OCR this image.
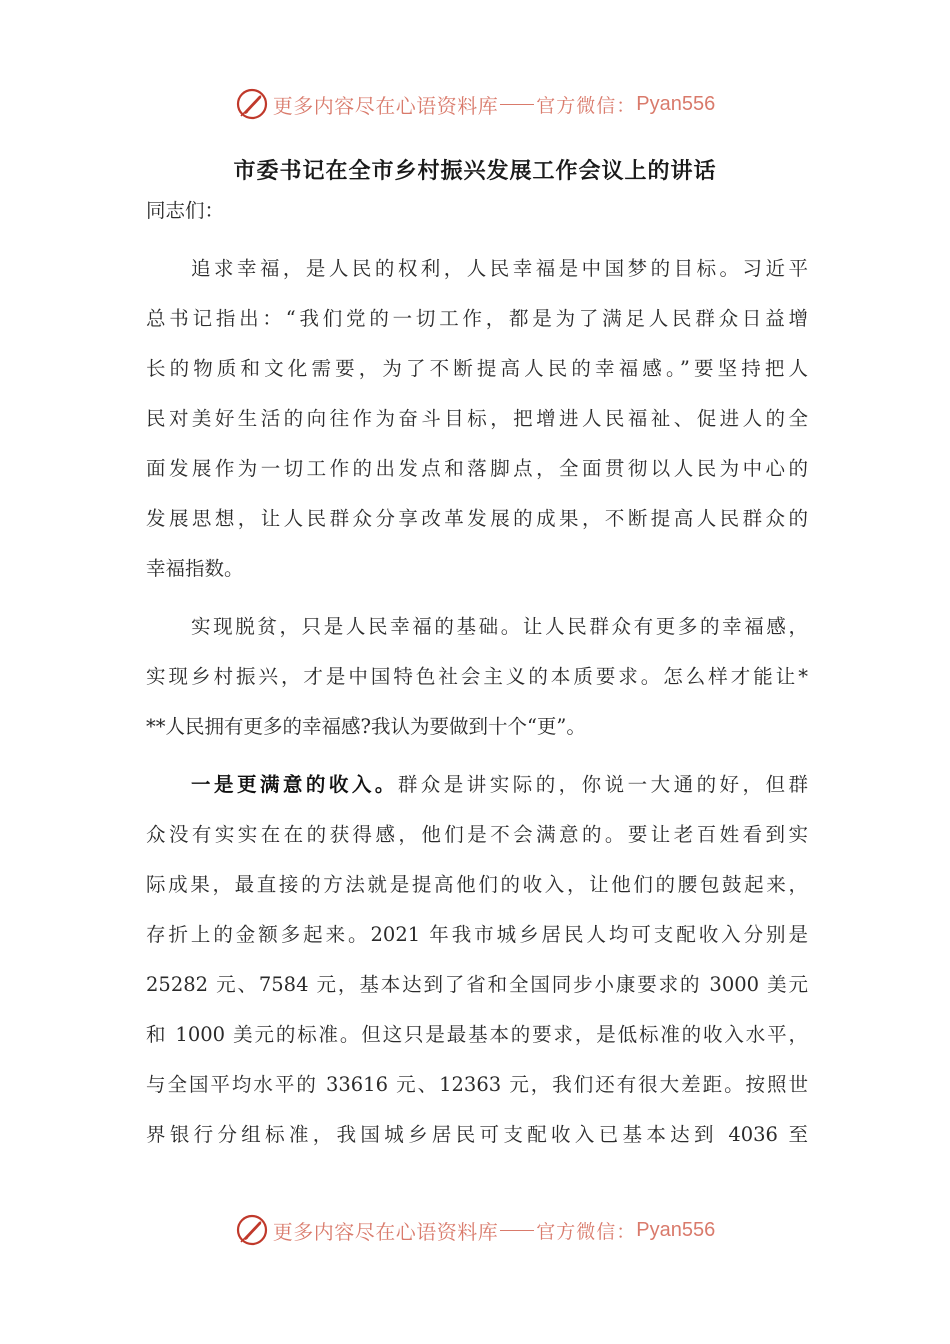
更多内容尽在心语资料库 官方微信： Pyan556
市委书记在全市乡村振兴发展工作会议上的讲话
同志们：
追求幸福，是人民的权利，人民幸福是中国梦的目标。习近平
总书记指出：“我们党的一切工作，都是为了满足人民群众日益增
长的物质和文化需要，为了不断提高人民的幸福感。”要坚持把人
民对美好生活的向往作为奋斗目标，把增进人民福祉、促进人的全
面发展作为一切工作的出发点和落脚点，全面贯彻以人民为中心的
发展思想，让人民群众分享改革发展的成果，不断提高人民群众的
幸福指数。
实现脱贫，只是人民幸福的基础。让人民群众有更多的幸福感，
实现乡村振兴，才是中国特色社会主义的本质要求。怎么样才能让*
**人民拥有更多的幸福感?我认为要做到十个“更”。
一是更满意的收入。群众是讲实际的，你说一大通的好，但群
众没有实实在在的获得感，他们是不会满意的。要让老百姓看到实
际成果，最直接的方法就是提高他们的收入，让他们的腰包鼓起来，
存折上的金额多起来。2021 年我市城乡居民人均可支配收入分别是
25282 元、7584 元，基本达到了省和全国同步小康要求的 3000 美元
和 1000 美元的标准。但这只是最基本的要求，是低标准的收入水平，
与全国平均水平的 33616 元、12363 元，我们还有很大差距。按照世
界银行分组标准，我国城乡居民可支配收入已基本达到 4036 至
更多内容尽在心语资料库 官方微信： Pyan556
